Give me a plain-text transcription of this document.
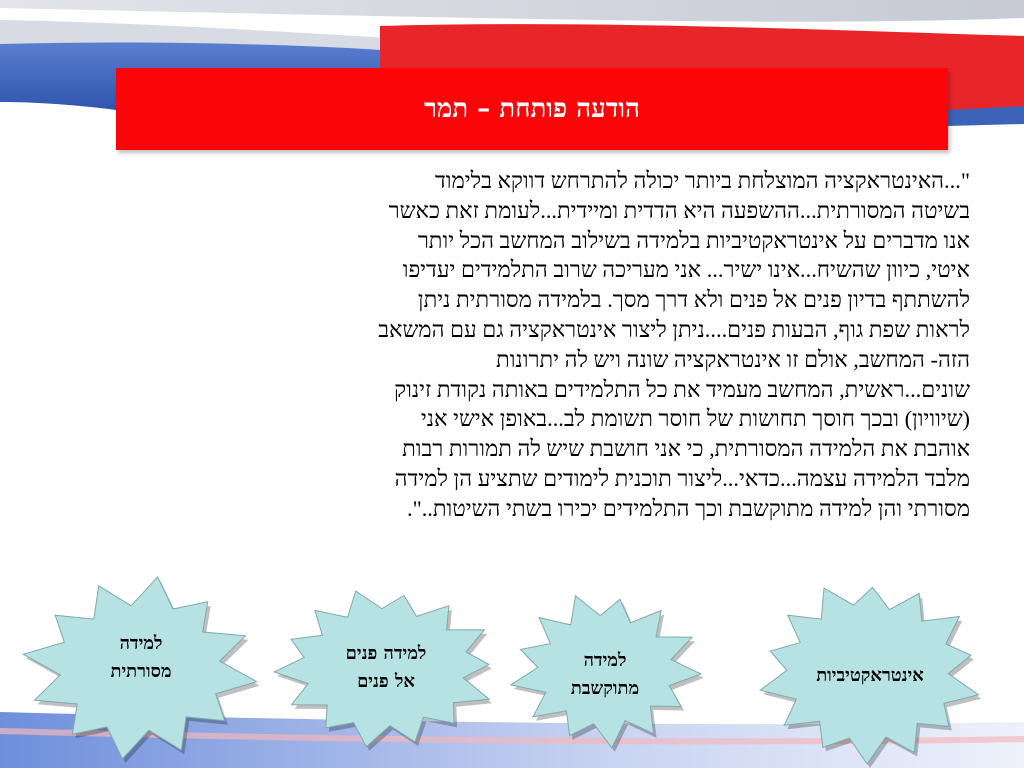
הודעה פותחת – תמר
"...האינטראקציה המוצלחת ביותר יכולה להתרחש דווקא בלימוד
בשיטה המסורתית...ההשפעה היא הדדית ומיידית...לעומת זאת כאשר
אנו מדברים על אינטראקטיביות בלמידה בשילוב המחשב הכל יותר
איטי, כיוון שהשיח...אינו ישיר... אני מעריכה שרוב התלמידים יעדיפו
להשתתף בדיון פנים אל פנים ולא דרך מסך. בלמידה מסורתית ניתן
לראות שפת גוף, הבעות פנים....ניתן ליצור אינטראקציה גם עם המשאב
הזה- המחשב, אולם זו אינטראקציה שונה ויש לה יתרונות
שונים...ראשית, המחשב מעמיד את כל התלמידים באותה נקודת זינוק
(שיוויון) ובכך חוסך תחושות של חוסר תשומת לב...באופן אישי אני
אוהבת את הלמידה המסורתית, כי אני חושבת שיש לה תמורות רבות
מלבד הלמידה עצמה...כדאי...ליצור תוכנית לימודים שתציע הן למידה
מסורתי והן למידה מתוקשבת וכך התלמידים יכירו בשתי השיטות..".
למידה
מסורתית
למידה פנים
אל פנים
למידה
מתוקשבת
אינטראקטיביות
